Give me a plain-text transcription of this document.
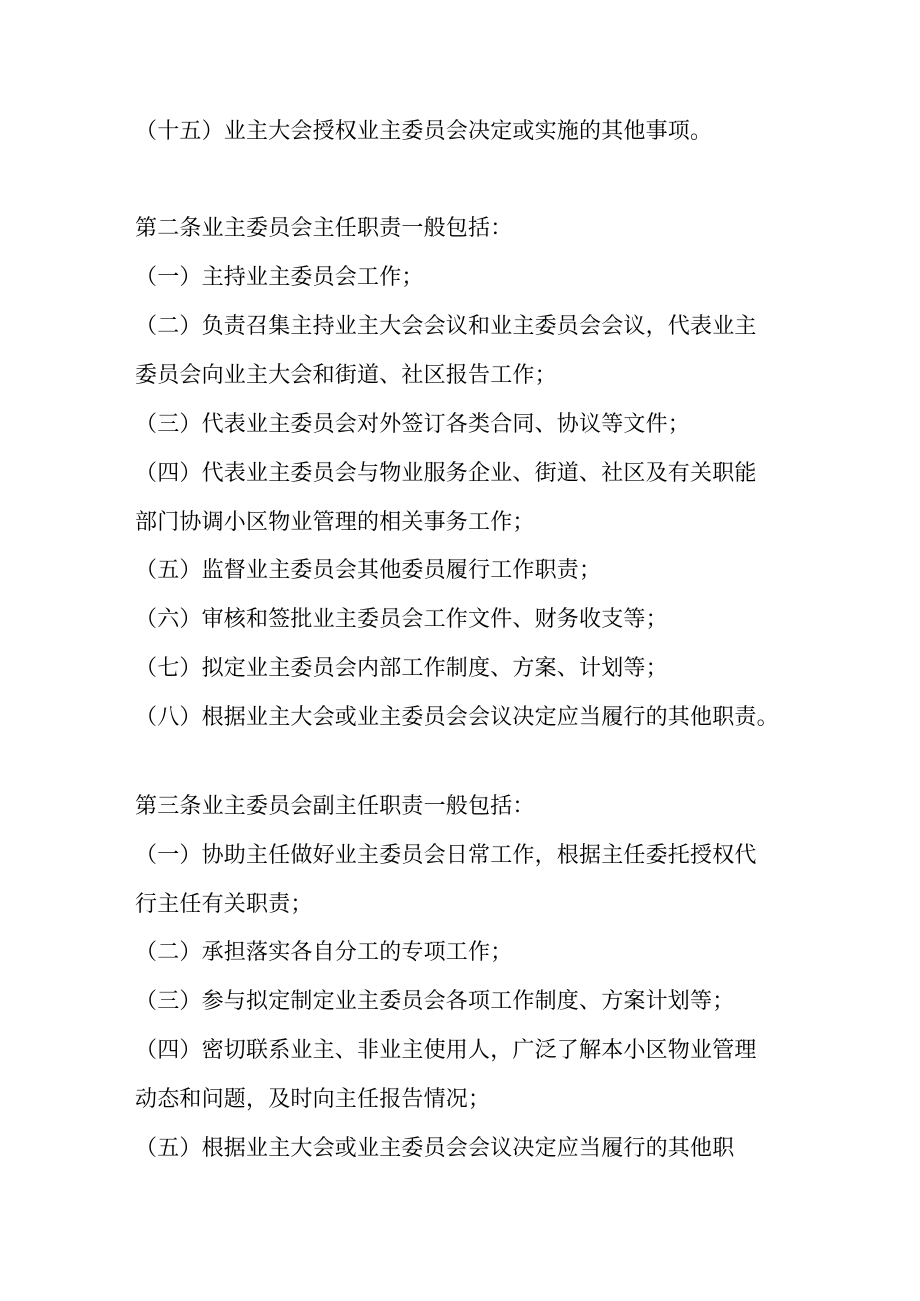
（十五）业主大会授权业主委员会决定或实施的其他事项。
第二条业主委员会主任职责一般包括：
（一）主持业主委员会工作；
（二）负责召集主持业主大会会议和业主委员会会议，代表业主
委员会向业主大会和街道、社区报告工作；
（三）代表业主委员会对外签订各类合同、协议等文件；
（四）代表业主委员会与物业服务企业、街道、社区及有关职能
部门协调小区物业管理的相关事务工作；
（五）监督业主委员会其他委员履行工作职责；
（六）审核和签批业主委员会工作文件、财务收支等；
（七）拟定业主委员会内部工作制度、方案、计划等；
（八）根据业主大会或业主委员会会议决定应当履行的其他职责。
第三条业主委员会副主任职责一般包括：
（一）协助主任做好业主委员会日常工作，根据主任委托授权代
行主任有关职责；
（二）承担落实各自分工的专项工作；
（三）参与拟定制定业主委员会各项工作制度、方案计划等；
（四）密切联系业主、非业主使用人，广泛了解本小区物业管理
动态和问题，及时向主任报告情况；
（五）根据业主大会或业主委员会会议决定应当履行的其他职
